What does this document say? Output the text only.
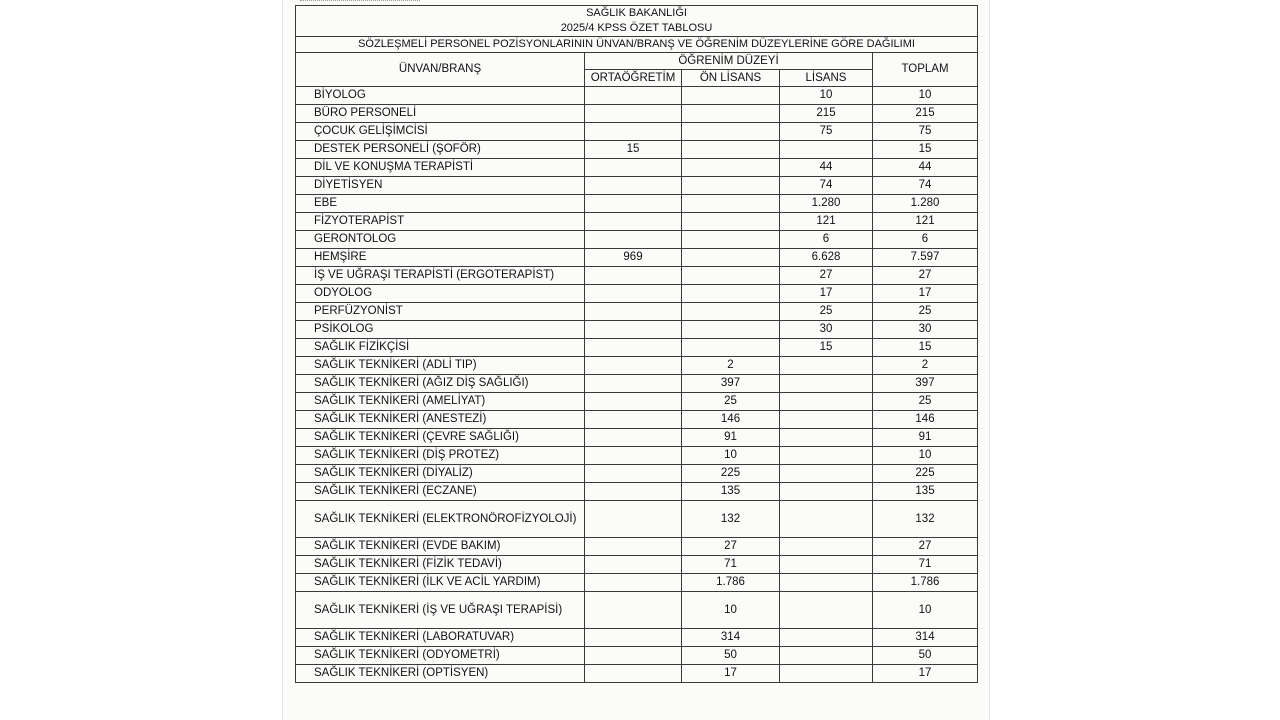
SAĞLIK BAKANLIĞI				
2025/4 KPSS ÖZET TABLOSU				
SÖZLEŞMELİ PERSONEL POZİSYONLARININ ÜNVAN/BRANŞ VE ÖĞRENİM DÜZEYLERİNE GÖRE DAĞILIMI				
ÜNVAN/BRANŞ	ÖĞRENİM DÜZEYİ			TOPLAM
	ORTAÖĞRETİM	ÖN LİSANS	LİSANS	
BİYOLOG			10	10
BÜRO PERSONELİ			215	215
ÇOCUK GELİŞİMCİSİ			75	75
DESTEK PERSONELİ (ŞOFÖR)	15			15
DİL VE KONUŞMA TERAPİSTİ			44	44
DİYETİSYEN			74	74
EBE			1.280	1.280
FİZYOTERAPİST			121	121
GERONTOLOG			6	6
HEMŞİRE	969		6.628	7.597
İŞ VE UĞRAŞI TERAPİSTİ (ERGOTERAPİST)			27	27
ODYOLOG			17	17
PERFÜZYONİST			25	25
PSİKOLOG			30	30
SAĞLIK FİZİKÇİSİ			15	15
SAĞLIK TEKNİKERİ (ADLİ TIP)		2		2
SAĞLIK TEKNİKERİ (AĞIZ DİŞ SAĞLIĞI)		397		397
SAĞLIK TEKNİKERİ (AMELİYAT)		25		25
SAĞLIK TEKNİKERİ (ANESTEZİ)		146		146
SAĞLIK TEKNİKERİ (ÇEVRE SAĞLIĞI)		91		91
SAĞLIK TEKNİKERİ (DİŞ PROTEZ)		10		10
SAĞLIK TEKNİKERİ (DİYALİZ)		225		225
SAĞLIK TEKNİKERİ (ECZANE)		135		135
SAĞLIK TEKNİKERİ (ELEKTRONÖROFİZYOLOJİ)		132		132
SAĞLIK TEKNİKERİ (EVDE BAKIM)		27		27
SAĞLIK TEKNİKERİ (FİZİK TEDAVİ)		71		71
SAĞLIK TEKNİKERİ (İLK VE ACİL YARDIM)		1.786		1.786
SAĞLIK TEKNİKERİ (İŞ VE UĞRAŞI TERAPİSİ)		10		10
SAĞLIK TEKNİKERİ (LABORATUVAR)		314		314
SAĞLIK TEKNİKERİ (ODYOMETRİ)		50		50
SAĞLIK TEKNİKERİ (OPTİSYEN)		17		17
